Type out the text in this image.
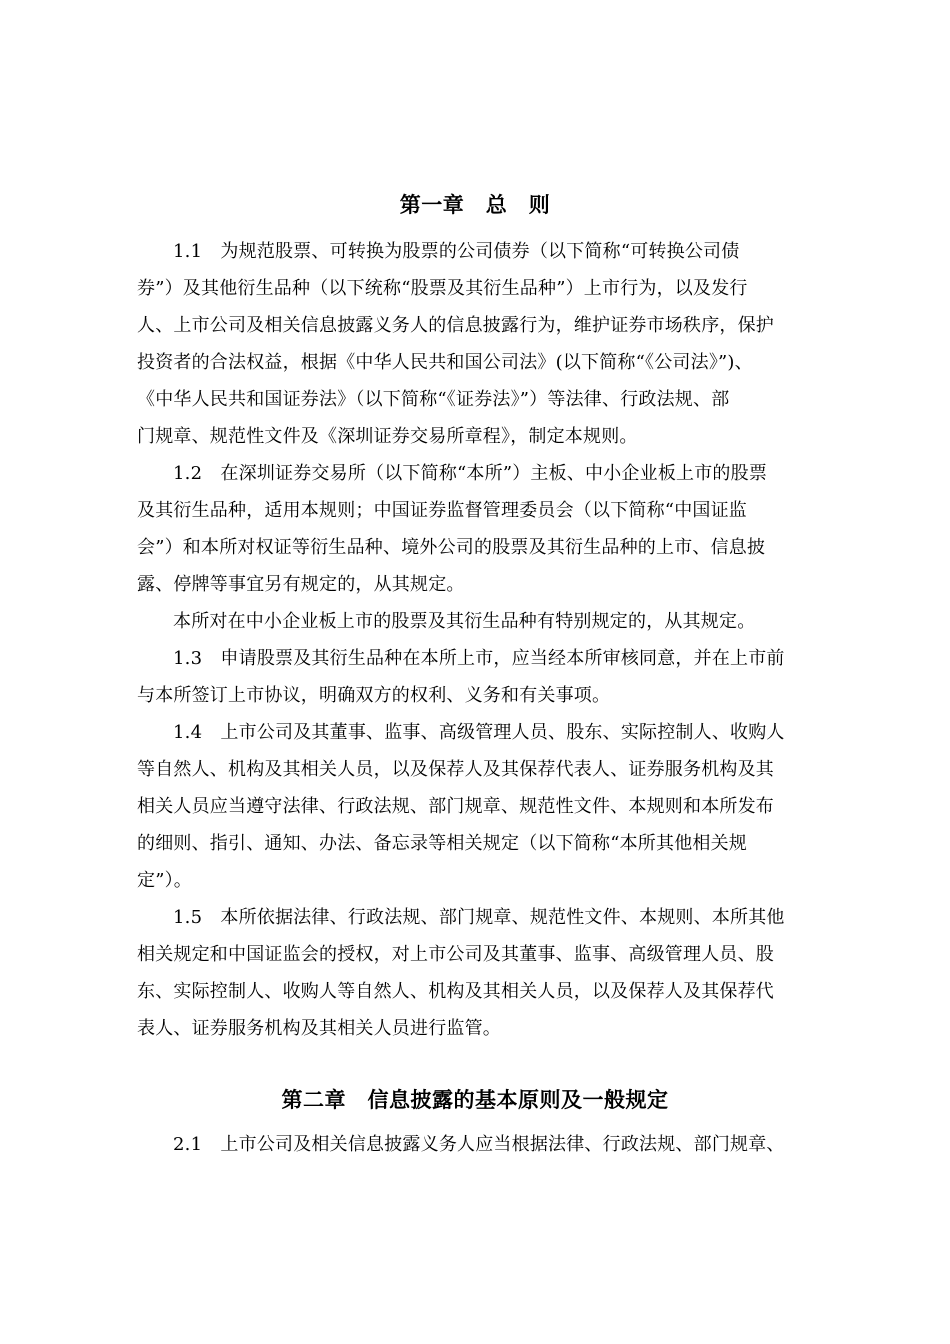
第一章　总　则
1.1　为规范股票、可转换为股票的公司债券（以下简称“可转换公司债
券”）及其他衍生品种（以下统称“股票及其衍生品种”）上市行为，以及发行
人、上市公司及相关信息披露义务人的信息披露行为，维护证券市场秩序，保护
投资者的合法权益，根据《中华人民共和国公司法》(以下简称“《公司法》”)、
《中华人民共和国证券法》（以下简称“《证券法》”）等法律、行政法规、部
门规章、规范性文件及《深圳证券交易所章程》，制定本规则。
1.2　在深圳证券交易所（以下简称“本所”）主板、中小企业板上市的股票
及其衍生品种，适用本规则；中国证券监督管理委员会（以下简称“中国证监
会”）和本所对权证等衍生品种、境外公司的股票及其衍生品种的上市、信息披
露、停牌等事宜另有规定的，从其规定。
本所对在中小企业板上市的股票及其衍生品种有特别规定的，从其规定。
1.3　申请股票及其衍生品种在本所上市，应当经本所审核同意，并在上市前
与本所签订上市协议，明确双方的权利、义务和有关事项。
1.4　上市公司及其董事、监事、高级管理人员、股东、实际控制人、收购人
等自然人、机构及其相关人员，以及保荐人及其保荐代表人、证券服务机构及其
相关人员应当遵守法律、行政法规、部门规章、规范性文件、本规则和本所发布
的细则、指引、通知、办法、备忘录等相关规定（以下简称“本所其他相关规
定”）。
1.5　本所依据法律、行政法规、部门规章、规范性文件、本规则、本所其他
相关规定和中国证监会的授权，对上市公司及其董事、监事、高级管理人员、股
东、实际控制人、收购人等自然人、机构及其相关人员，以及保荐人及其保荐代
表人、证券服务机构及其相关人员进行监管。
第二章　信息披露的基本原则及一般规定
2.1　上市公司及相关信息披露义务人应当根据法律、行政法规、部门规章、
